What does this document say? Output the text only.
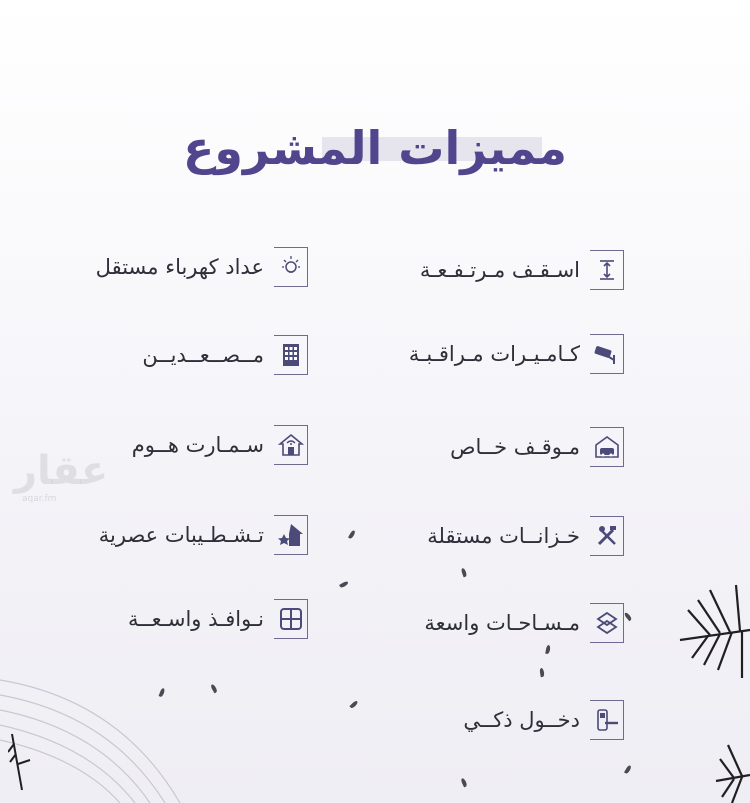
مميزات المشروع
عقار
aqar.fm
اسـقـف مـرتـفـعـة
كـامـيـرات مـراقـبـة
مـوقـف خــاص
خـزانــات مستقلة
مـسـاحـات واسعة
دخــول ذكــي
عداد كهرباء مستقل
مــصــعــديــن
سـمـارت هــوم
تـشـطـيبات عصرية
نـوافـذ واسـعــة
